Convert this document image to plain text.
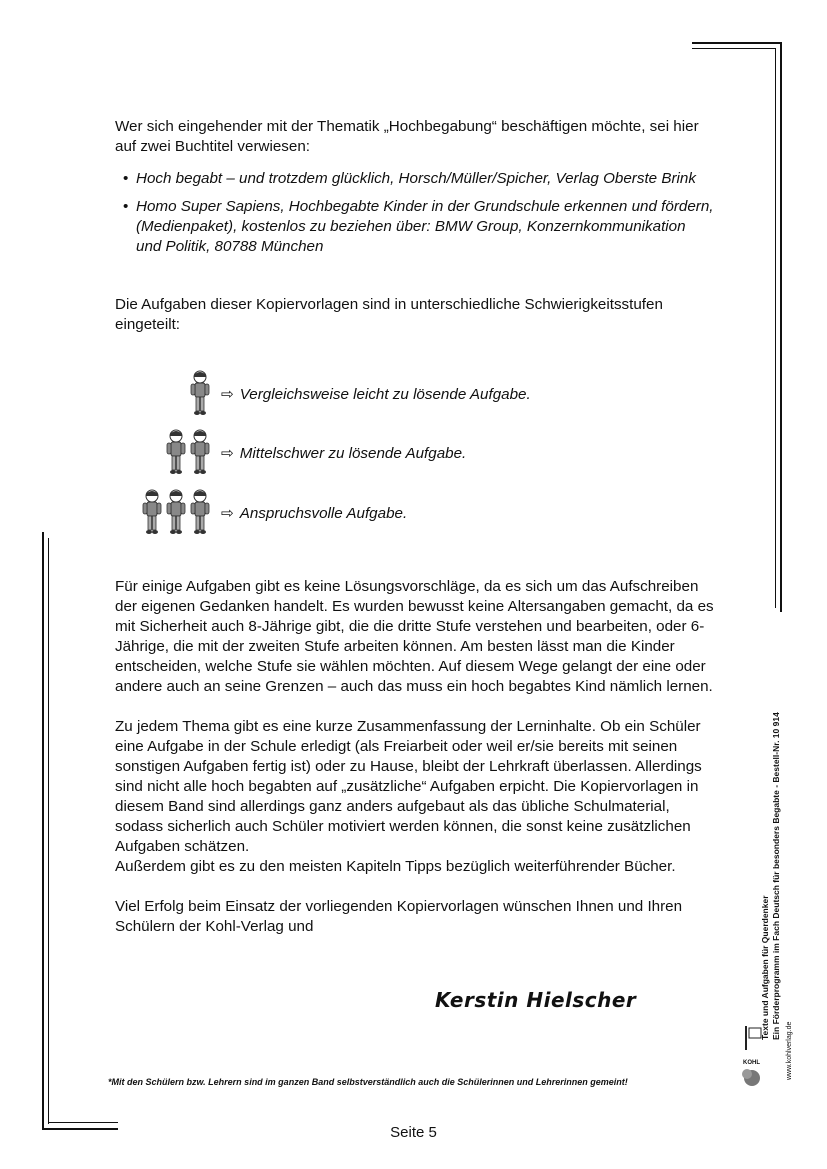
Wer sich eingehender mit der Thematik „Hochbegabung“ beschäftigen möchte, sei hier auf zwei Buchtitel verwiesen:

• Hoch begabt – und trotzdem glücklich, Horsch/Müller/Spicher, Verlag Oberste Brink
• Homo Super Sapiens, Hochbegabte Kinder in der Grundschule erkennen und fördern, (Medienpaket), kostenlos zu beziehen über: BMW Group, Konzernkommunikation und Politik, 80788 München

Die Aufgaben dieser Kopiervorlagen sind in unterschiedliche Schwierigkeitsstufen eingeteilt:

⇨ Vergleichsweise leicht zu lösende Aufgabe.
⇨ Mittelschwer zu lösende Aufgabe.
⇨ Anspruchsvolle Aufgabe.

Für einige Aufgaben gibt es keine Lösungsvorschläge, da es sich um das Aufschreiben der eigenen Gedanken handelt. Es wurden bewusst keine Altersangaben gemacht, da es mit Sicherheit auch 8-Jährige gibt, die die dritte Stufe verstehen und bearbeiten, oder 6-Jährige, die mit der zweiten Stufe arbeiten können. Am besten lässt man die Kinder entscheiden, welche Stufe sie wählen möchten. Auf diesem Wege gelangt der eine oder andere auch an seine Grenzen – auch das muss ein hoch begabtes Kind nämlich lernen.

Zu jedem Thema gibt es eine kurze Zusammenfassung der Lerninhalte. Ob ein Schüler eine Aufgabe in der Schule erledigt (als Freiarbeit oder weil er/sie bereits mit seinen sonstigen Aufgaben fertig ist) oder zu Hause, bleibt der Lehrkraft überlassen. Allerdings sind nicht alle hoch begabten auf „zusätzliche“ Aufgaben erpicht. Die Kopiervorlagen in diesem Band sind allerdings ganz anders aufgebaut als das übliche Schulmaterial, sodass sicherlich auch Schüler motiviert werden können, die sonst keine zusätzlichen Aufgaben schätzen.

Außerdem gibt es zu den meisten Kapiteln Tipps bezüglich weiterführender Bücher.

Viel Erfolg beim Einsatz der vorliegenden Kopiervorlagen wünschen Ihnen und Ihren Schülern der Kohl-Verlag und

Kerstin Hielscher
*Mit den Schülern bzw. Lehrern sind im ganzen Band selbstverständlich auch die Schülerinnen und Lehrerinnen gemeint!
Seite 5
Texte und Aufgaben für Querdenker Ein Förderprogramm im Fach Deutsch für besonders Begabte - Bestell-Nr. 10 914
www.kohlverlag.de
KOHL
